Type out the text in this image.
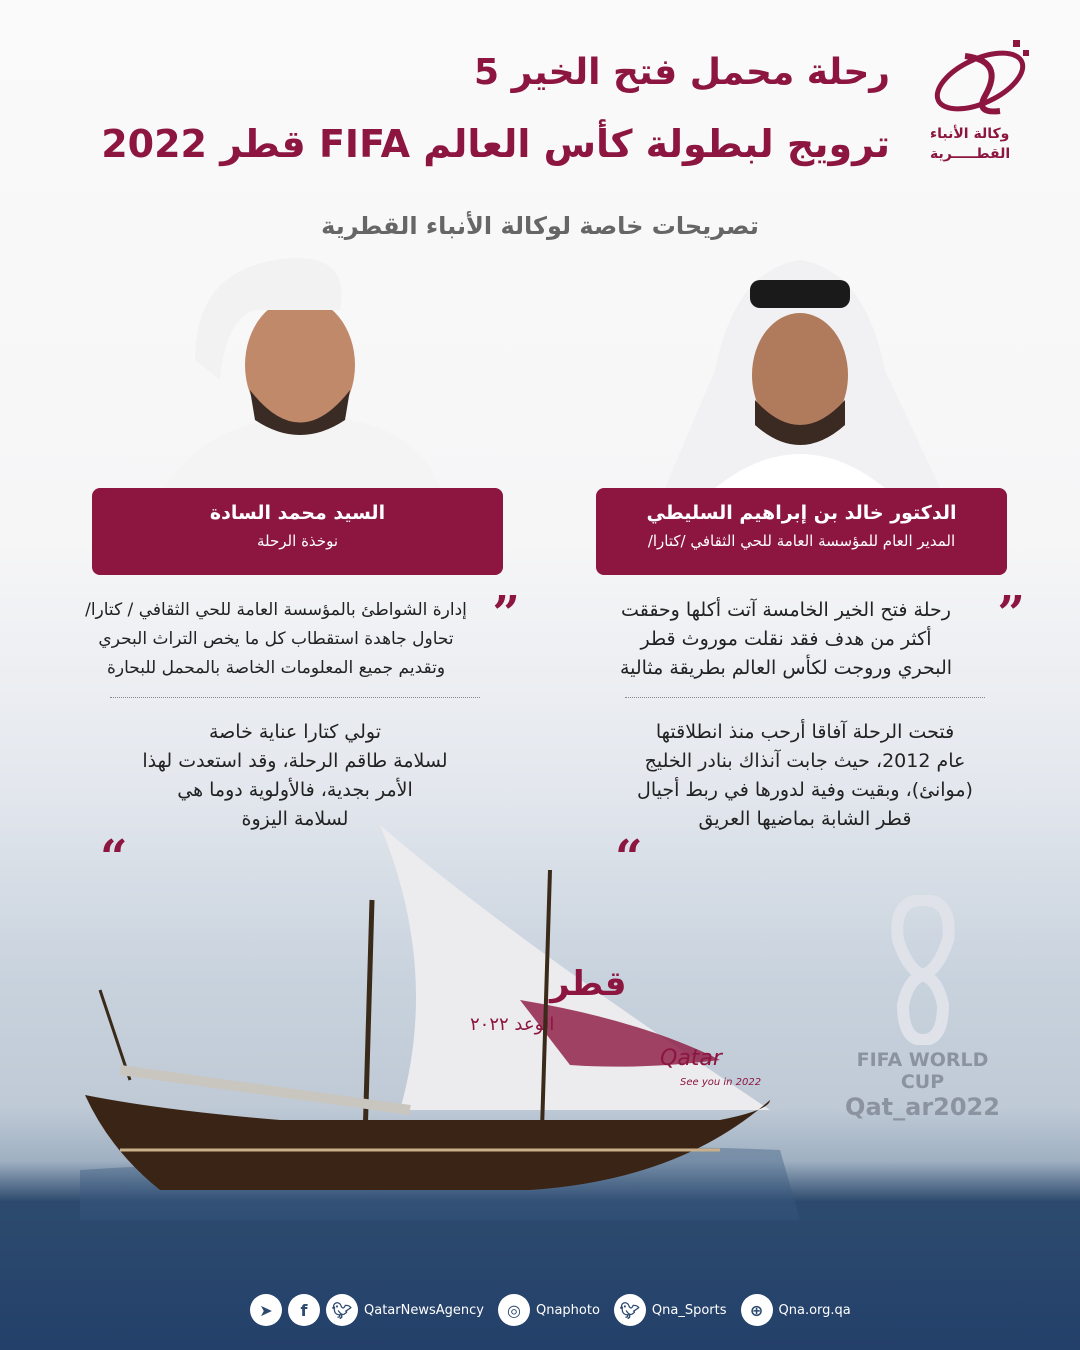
رحلة محمل فتح الخير 5
ترويج لبطولة كأس العالم FIFA قطر 2022
تصريحات خاصة لوكالة الأنباء القطرية
وكالة الأنباء
القطـــــرية
الدكتور خالد بن إبراهيم السليطي
المدير العام للمؤسسة العامة للحي الثقافي /كتارا/
السيد محمد السادة
نوخذة الرحلة
”
رحلة فتح الخير الخامسة آتت أكلها وحققت
أكثر من هدف فقد نقلت موروث قطر
البحري وروجت لكأس العالم بطريقة مثالية
فتحت الرحلة آفاقا أرحب منذ انطلاقتها
عام 2012، حيث جابت آنذاك بنادر الخليج
(موانئ)، وبقيت وفية لدورها في ربط أجيال
قطر الشابة بماضيها العريق
“
”
إدارة الشواطئ بالمؤسسة العامة للحي الثقافي / كتارا/
تحاول جاهدة استقطاب كل ما يخص التراث البحري
وتقديم جميع المعلومات الخاصة بالمحمل للبحارة
تولي كتارا عناية خاصة
لسلامة طاقم الرحلة، وقد استعدت لهذا
الأمر بجدية، فالأولوية دوما هي
لسلامة اليزوة
“
قطر
الوعد ٢٠٢٢
Qatar
See you in 2022
FIFA WORLD CUP
Qat_ar2022
➤	f	🐦︎ QatarNewsAgency	◎	Qnaphoto	🐦︎ Qna_Sports	⊕	Qna.org.qa
